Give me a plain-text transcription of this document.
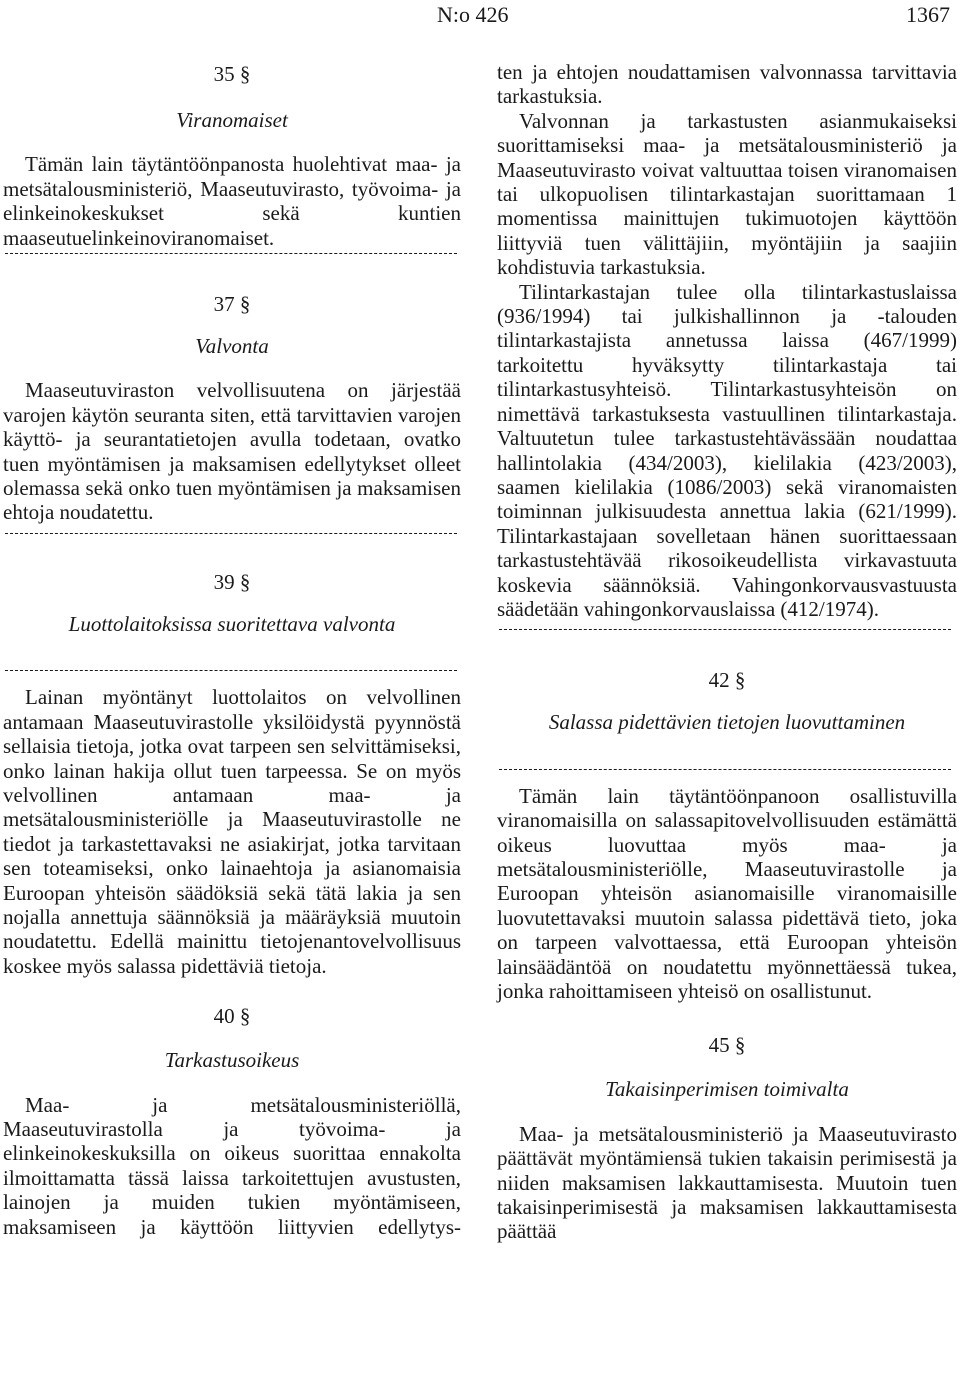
N:o 426	1367
35 §
Viranomaiset

Tämän lain täytäntöönpanosta huolehtivat maa- ja metsätalousministeriö, Maaseutuvirasto, työvoima- ja elinkeinokeskukset sekä kuntien maaseutuelinkeinoviranomaiset.

37 §
Valvonta

Maaseutuviraston velvollisuutena on järjestää varojen käytön seuranta siten, että tarvittavien varojen käyttö- ja seurantatietojen avulla todetaan, ovatko tuen myöntämisen ja maksamisen edellytykset olleet olemassa sekä onko tuen myöntämisen ja maksamisen ehtoja noudatettu.

39 §
Luottolaitoksissa suoritettava valvonta

Lainan myöntänyt luottolaitos on velvollinen antamaan Maaseutuvirastolle yksilöidystä pyynnöstä sellaisia tietoja, jotka ovat tarpeen sen selvittämiseksi, onko lainan hakija ollut tuen tarpeessa. Se on myös velvollinen antamaan maa- ja metsätalousministeriölle ja Maaseutuvirastolle ne tiedot ja tarkastettavaksi ne asiakirjat, jotka tarvitaan sen toteamiseksi, onko lainaehtoja ja asianomaisia Euroopan yhteisön säädöksiä sekä tätä lakia ja sen nojalla annettuja säännöksiä ja määräyksiä muutoin noudatettu. Edellä mainittu tietojenantovelvollisuus koskee myös salassa pidettäviä tietoja.

40 §
Tarkastusoikeus

Maa- ja metsätalousministeriöllä, Maaseutuvirastolla ja työvoima- ja elinkeinokeskuksilla on oikeus suorittaa ennakolta ilmoittamatta tässä laissa tarkoitettujen avustusten, lainojen ja muiden tukien myöntämiseen, maksamiseen ja käyttöön liittyvien edellytys-

ten ja ehtojen noudattamisen valvonnassa tarvittavia tarkastuksia.

Valvonnan ja tarkastusten asianmukaiseksi suorittamiseksi maa- ja metsätalousministeriö ja Maaseutuvirasto voivat valtuuttaa toisen viranomaisen tai ulkopuolisen tilintarkastajan suorittamaan 1 momentissa mainittujen tukimuotojen käyttöön liittyviä tuen välittäjiin, myöntäjiin ja saajiin kohdistuvia tarkastuksia.

Tilintarkastajan tulee olla tilintarkastuslaissa (936/1994) tai julkishallinnon ja -talouden tilintarkastajista annetussa laissa (467/1999) tarkoitettu hyväksytty tilintarkastaja tai tilintarkastusyhteisö. Tilintarkastusyhteisön on nimettävä tarkastuksesta vastuullinen tilintarkastaja. Valtuutetun tulee tarkastustehtävässään noudattaa hallintolakia (434/2003), kielilakia (423/2003), saamen kielilakia (1086/2003) sekä viranomaisten toiminnan julkisuudesta annettua lakia (621/1999). Tilintarkastajaan sovelletaan hänen suorittaessaan tarkastustehtävää rikosoikeudellista virkavastuuta koskevia säännöksiä. Vahingonkorvausvastuusta säädetään vahingonkorvauslaissa (412/1974).

42 §
Salassa pidettävien tietojen luovuttaminen

Tämän lain täytäntöönpanoon osallistuvilla viranomaisilla on salassapitovelvollisuuden estämättä oikeus luovuttaa myös maa- ja metsätalousministeriölle, Maaseutuvirastolle ja Euroopan yhteisön asianomaisille viranomaisille luovutettavaksi muutoin salassa pidettävä tieto, joka on tarpeen valvottaessa, että Euroopan yhteisön lainsäädäntöä on noudatettu myönnettäessä tukea, jonka rahoittamiseen yhteisö on osallistunut.

45 §
Takaisinperimisen toimivalta

Maa- ja metsätalousministeriö ja Maaseutuvirasto päättävät myöntämiensä tukien takaisin perimisestä ja niiden maksamisen lakkauttamisesta. Muutoin tuen takaisinperimisestä ja maksamisen lakkauttamisesta päättää
